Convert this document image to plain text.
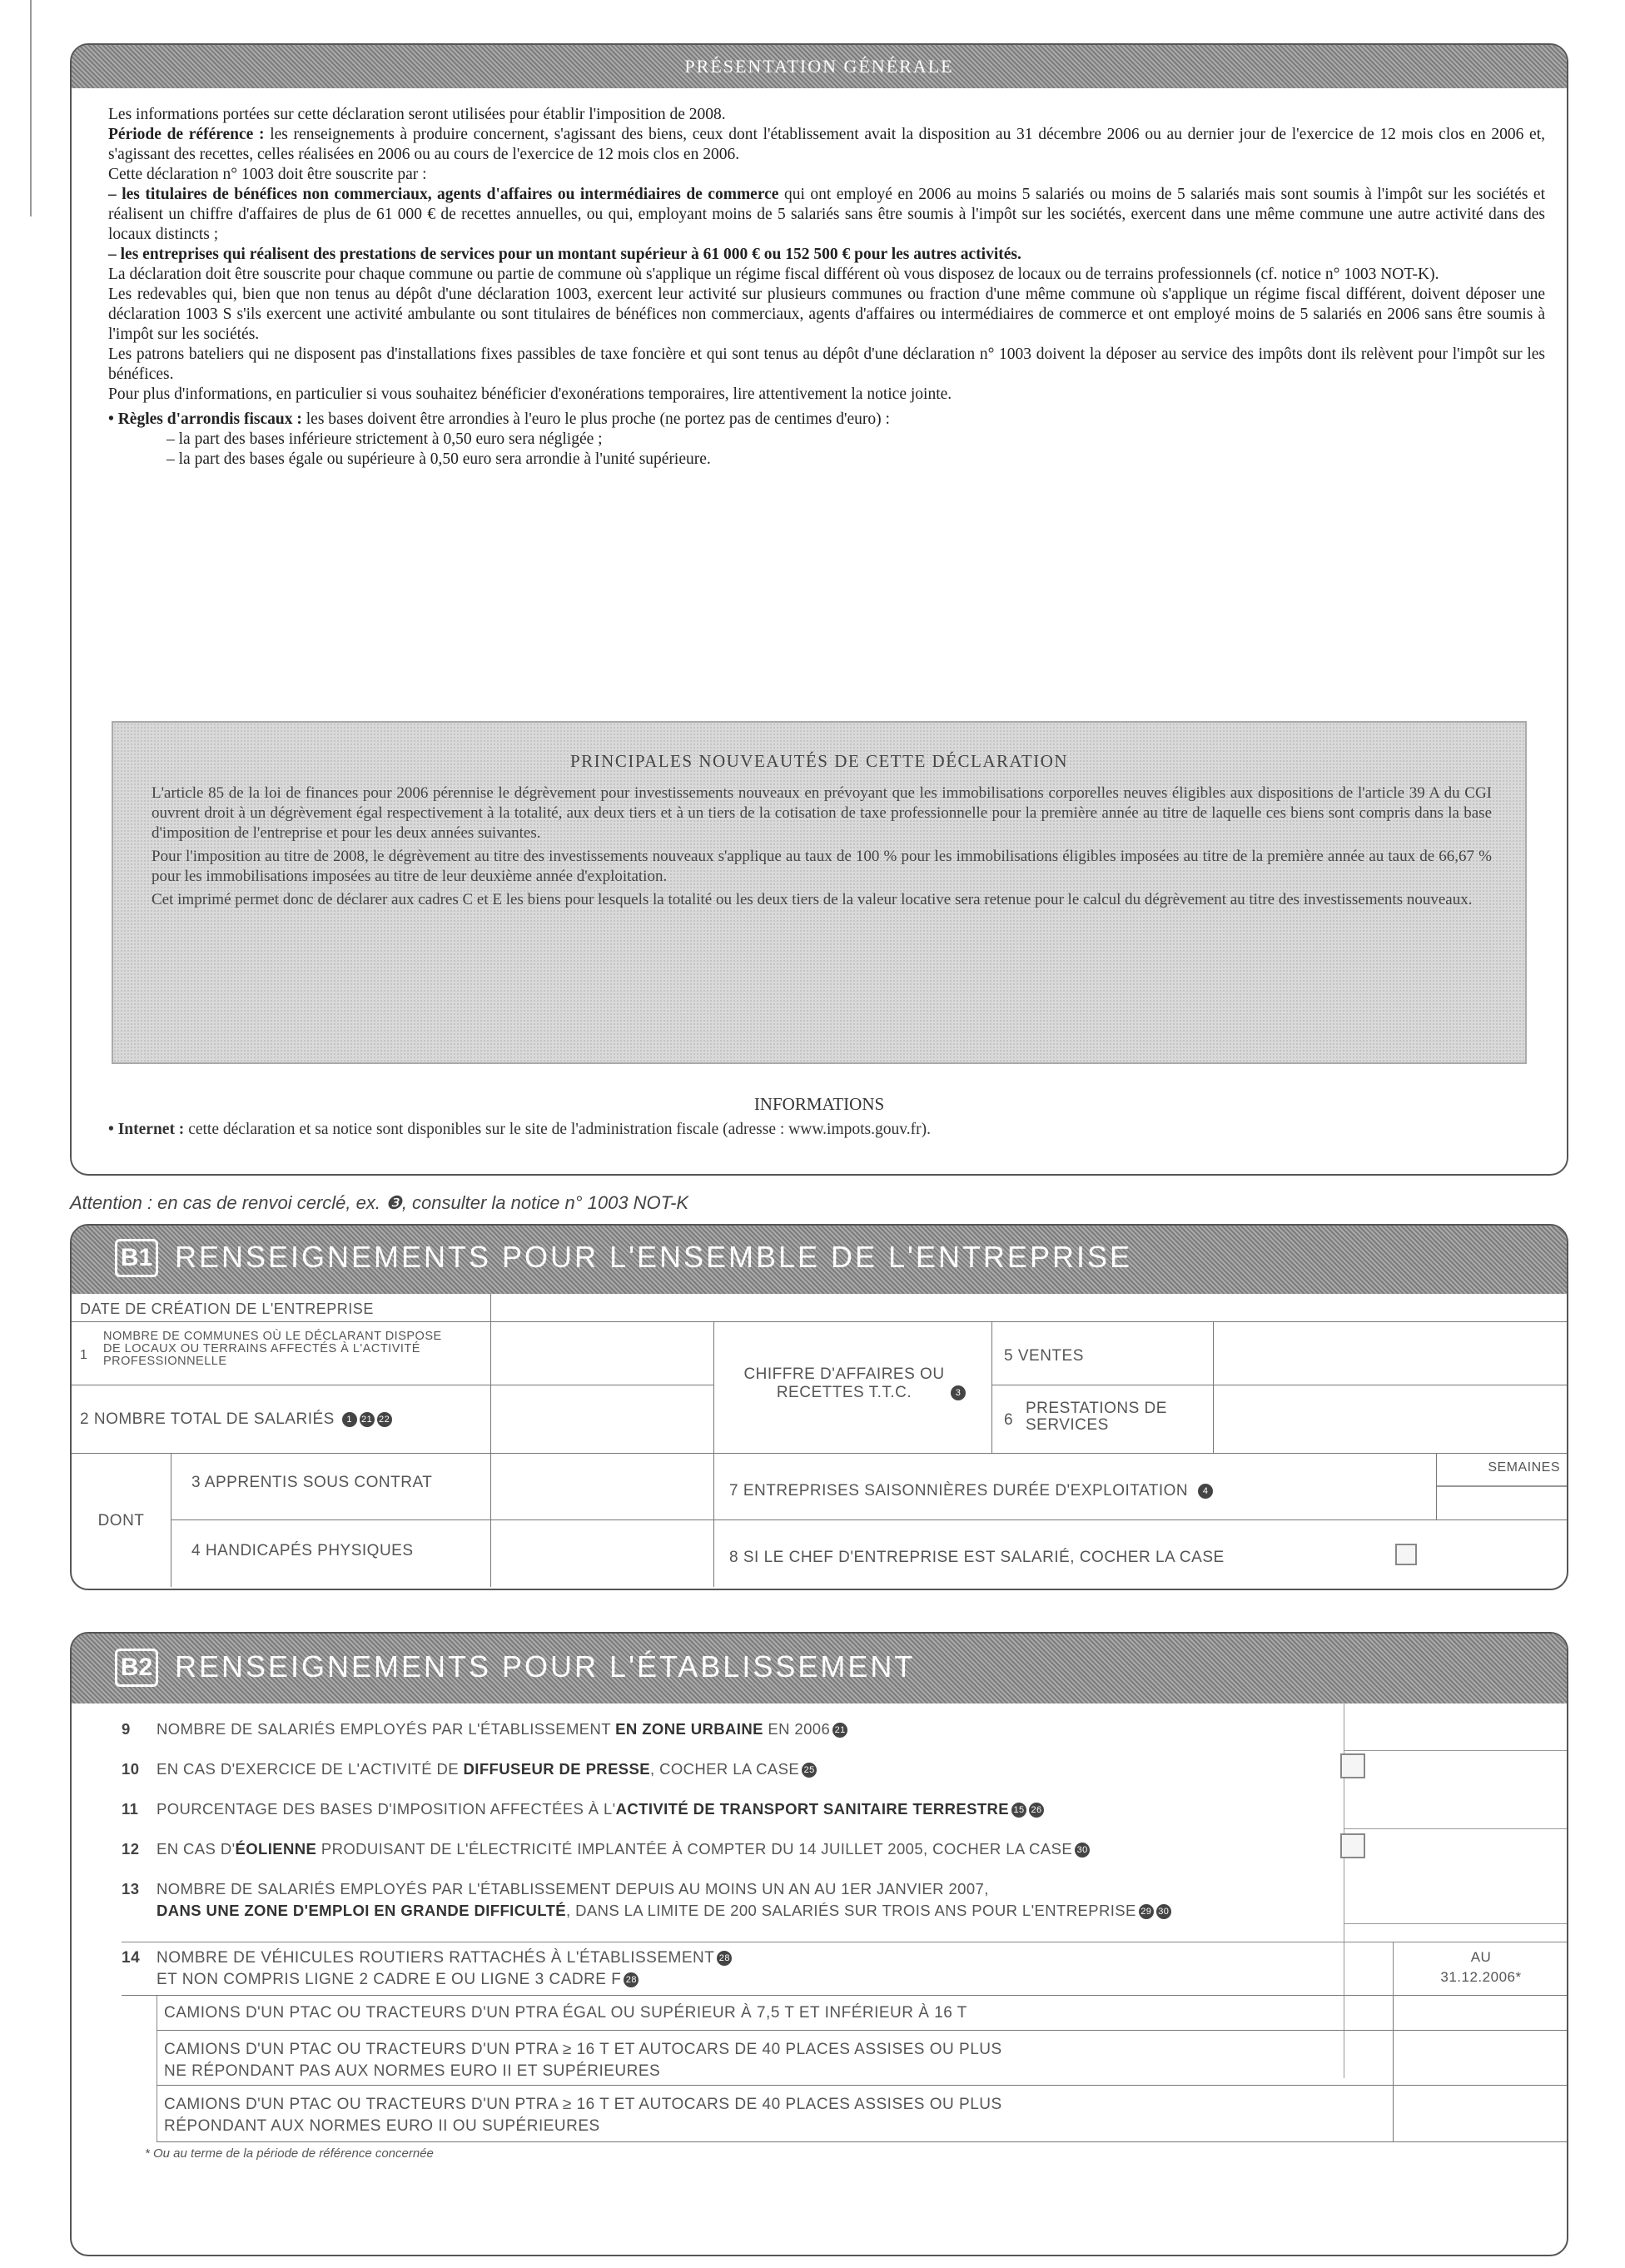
PRÉSENTATION GÉNÉRALE

Les informations portées sur cette déclaration seront utilisées pour établir l'imposition de 2008.

Période de référence : les renseignements à produire concernent, s'agissant des biens, ceux dont l'établissement avait la disposition au 31 décembre 2006 ou au dernier jour de l'exercice de 12 mois clos en 2006 et, s'agissant des recettes, celles réalisées en 2006 ou au cours de l'exercice de 12 mois clos en 2006.

Cette déclaration n° 1003 doit être souscrite par :

– les titulaires de bénéfices non commerciaux, agents d'affaires ou intermédiaires de commerce qui ont employé en 2006 au moins 5 salariés ou moins de 5 salariés mais sont soumis à l'impôt sur les sociétés et réalisent un chiffre d'affaires de plus de 61 000 € de recettes annuelles, ou qui, employant moins de 5 salariés sans être soumis à l'impôt sur les sociétés, exercent dans une même commune une autre activité dans des locaux distincts ;

– les entreprises qui réalisent des prestations de services pour un montant supérieur à 61 000 € ou 152 500 € pour les autres activités.

La déclaration doit être souscrite pour chaque commune ou partie de commune où s'applique un régime fiscal différent où vous disposez de locaux ou de terrains professionnels (cf. notice n° 1003 NOT-K).

Les redevables qui, bien que non tenus au dépôt d'une déclaration 1003, exercent leur activité sur plusieurs communes ou fraction d'une même commune où s'applique un régime fiscal différent, doivent déposer une déclaration 1003 S s'ils exercent une activité ambulante ou sont titulaires de bénéfices non commerciaux, agents d'affaires ou intermédiaires de commerce et ont employé moins de 5 salariés en 2006 sans être soumis à l'impôt sur les sociétés.

Les patrons bateliers qui ne disposent pas d'installations fixes passibles de taxe foncière et qui sont tenus au dépôt d'une déclaration n° 1003 doivent la déposer au service des impôts dont ils relèvent pour l'impôt sur les bénéfices.

Pour plus d'informations, en particulier si vous souhaitez bénéficier d'exonérations temporaires, lire attentivement la notice jointe.

• Règles d'arrondis fiscaux : les bases doivent être arrondies à l'euro le plus proche (ne portez pas de centimes d'euro) :

– la part des bases inférieure strictement à 0,50 euro sera négligée ;

– la part des bases égale ou supérieure à 0,50 euro sera arrondie à l'unité supérieure.

PRINCIPALES NOUVEAUTÉS DE CETTE DÉCLARATION

L'article 85 de la loi de finances pour 2006 pérennise le dégrèvement pour investissements nouveaux en prévoyant que les immobilisations corporelles neuves éligibles aux dispositions de l'article 39 A du CGI ouvrent droit à un dégrèvement égal respectivement à la totalité, aux deux tiers et à un tiers de la cotisation de taxe professionnelle pour la première année au titre de laquelle ces biens sont compris dans la base d'imposition de l'entreprise et pour les deux années suivantes.

Pour l'imposition au titre de 2008, le dégrèvement au titre des investissements nouveaux s'applique au taux de 100 % pour les immobilisations éligibles imposées au titre de la première année au taux de 66,67 % pour les immobilisations imposées au titre de leur deuxième année d'exploitation.

Cet imprimé permet donc de déclarer aux cadres C et E les biens pour lesquels la totalité ou les deux tiers de la valeur locative sera retenue pour le calcul du dégrèvement au titre des investissements nouveaux.

INFORMATIONS
• Internet : cette déclaration et sa notice sont disponibles sur le site de l'administration fiscale (adresse : www.impots.gouv.fr).
Attention : en cas de renvoi cerclé, ex. ❸, consulter la notice n° 1003 NOT-K
B1 RENSEIGNEMENTS POUR L'ENSEMBLE DE L'ENTREPRISE
DATE DE CRÉATION DE L'ENTREPRISE
1
NOMBRE DE COMMUNES OÙ LE DÉCLARANT DISPOSE DE LOCAUX OU TERRAINS AFFECTÉS À L'ACTIVITÉ PROFESSIONNELLE
2 NOMBRE TOTAL DE SALARIÉS 1 21 22
CHIFFRE D'AFFAIRES OU RECETTES T.T.C.	3
5 VENTES
6
PRESTATIONS DE SERVICES
DONT
3 APPRENTIS SOUS CONTRAT
4 HANDICAPÉS PHYSIQUES
7 ENTREPRISES SAISONNIÈRES DURÉE D'EXPLOITATION 4
SEMAINES
8 SI LE CHEF D'ENTREPRISE EST SALARIÉ, COCHER LA CASE
B2 RENSEIGNEMENTS POUR L'ÉTABLISSEMENT
9 NOMBRE DE SALARIÉS EMPLOYÉS PAR L'ÉTABLISSEMENT EN ZONE URBAINE EN 2006 21
10 EN CAS D'EXERCICE DE L'ACTIVITÉ DE DIFFUSEUR DE PRESSE, COCHER LA CASE 25
11 POURCENTAGE DES BASES D'IMPOSITION AFFECTÉES À L'ACTIVITÉ DE TRANSPORT SANITAIRE TERRESTRE 15 26
12 EN CAS D'ÉOLIENNE PRODUISANT DE L'ÉLECTRICITÉ IMPLANTÉE À COMPTER DU 14 JUILLET 2005, COCHER LA CASE 30
13 NOMBRE DE SALARIÉS EMPLOYÉS PAR L'ÉTABLISSEMENT DEPUIS AU MOINS UN AN AU 1ER JANVIER 2007,
DANS UNE ZONE D'EMPLOI EN GRANDE DIFFICULTÉ, DANS LA LIMITE DE 200 SALARIÉS SUR TROIS ANS POUR L'ENTREPRISE 29 30
14 NOMBRE DE VÉHICULES ROUTIERS RATTACHÉS À L'ÉTABLISSEMENT 28
ET NON COMPRIS LIGNE 2 CADRE E OU LIGNE 3 CADRE F 28
AU
31.12.2006*
CAMIONS D'UN PTAC OU TRACTEURS D'UN PTRA ÉGAL OU SUPÉRIEUR À 7,5 T ET INFÉRIEUR À 16 T
CAMIONS D'UN PTAC OU TRACTEURS D'UN PTRA ≥ 16 T ET AUTOCARS DE 40 PLACES ASSISES OU PLUS
NE RÉPONDANT PAS AUX NORMES EURO II ET SUPÉRIEURES
CAMIONS D'UN PTAC OU TRACTEURS D'UN PTRA ≥ 16 T ET AUTOCARS DE 40 PLACES ASSISES OU PLUS
RÉPONDANT AUX NORMES EURO II OU SUPÉRIEURES
* Ou au terme de la période de référence concernée
